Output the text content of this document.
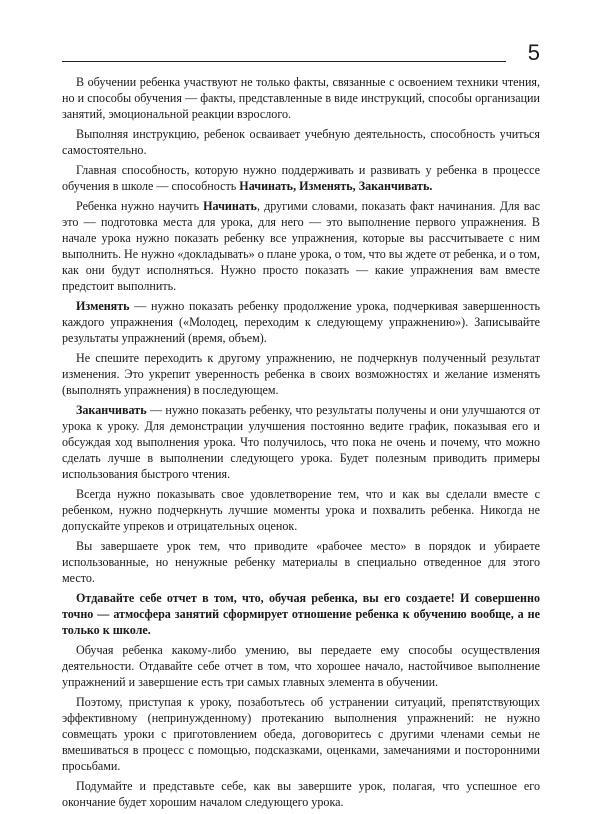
5

В обучении ребенка участвуют не только факты, связанные с освоением техники чтения, но и способы обучения — факты, представленные в виде инструкций, способы организации занятий, эмоциональной реакции взрослого.

Выполняя инструкцию, ребенок осваивает учебную деятельность, способность учиться самостоятельно.

Главная способность, которую нужно поддерживать и развивать у ребенка в процессе обучения в школе — способность Начинать, Изменять, Заканчивать.

Ребенка нужно научить Начинать, другими словами, показать факт начинания. Для вас это — подготовка места для урока, для него — это выполнение первого упражнения. В начале урока нужно показать ребенку все упражнения, которые вы рассчитываете с ним выполнить. Не нужно «докладывать» о плане урока, о том, что вы ждете от ребенка, и о том, как они будут исполняться. Нужно просто показать — какие упражнения вам вместе предстоит выполнить.

Изменять — нужно показать ребенку продолжение урока, подчеркивая завершенность каждого упражнения («Молодец, переходим к следующему упражнению»). Записывайте результаты упражнений (время, объем).

Не спешите переходить к другому упражнению, не подчеркнув полученный результат изменения. Это укрепит уверенность ребенка в своих возможностях и желание изменять (выполнять упражнения) в последующем.

Заканчивать — нужно показать ребенку, что результаты получены и они улучшаются от урока к уроку. Для демонстрации улучшения постоянно ведите график, показывая его и обсуждая ход выполнения урока. Что получилось, что пока не очень и почему, что можно сделать лучше в выполнении следующего урока. Будет полезным приводить примеры использования быстрого чтения.

Всегда нужно показывать свое удовлетворение тем, что и как вы сделали вместе с ребенком, нужно подчеркнуть лучшие моменты урока и похвалить ребенка. Никогда не допускайте упреков и отрицательных оценок.

Вы завершаете урок тем, что приводите «рабочее место» в порядок и убираете использованные, но ненужные ребенку материалы в специально отведенное для этого место.

Отдавайте себе отчет в том, что, обучая ребенка, вы его создаете! И совершенно точно — атмосфера занятий сформирует отношение ребенка к обучению вообще, а не только к школе.

Обучая ребенка какому-либо умению, вы передаете ему способы осуществления деятельности. Отдавайте себе отчет в том, что хорошее начало, настойчивое выполнение упражнений и завершение есть три самых главных элемента в обучении.

Поэтому, приступая к уроку, позаботьтесь об устранении ситуаций, препятствующих эффективному (непринужденному) протеканию выполнения упражнений: не нужно совмещать уроки с приготовлением обеда, договоритесь с другими членами семьи не вмешиваться в процесс с помощью, подсказками, оценками, замечаниями и посторонними просьбами.

Подумайте и представьте себе, как вы завершите урок, полагая, что успешное его окончание будет хорошим началом следующего урока.
